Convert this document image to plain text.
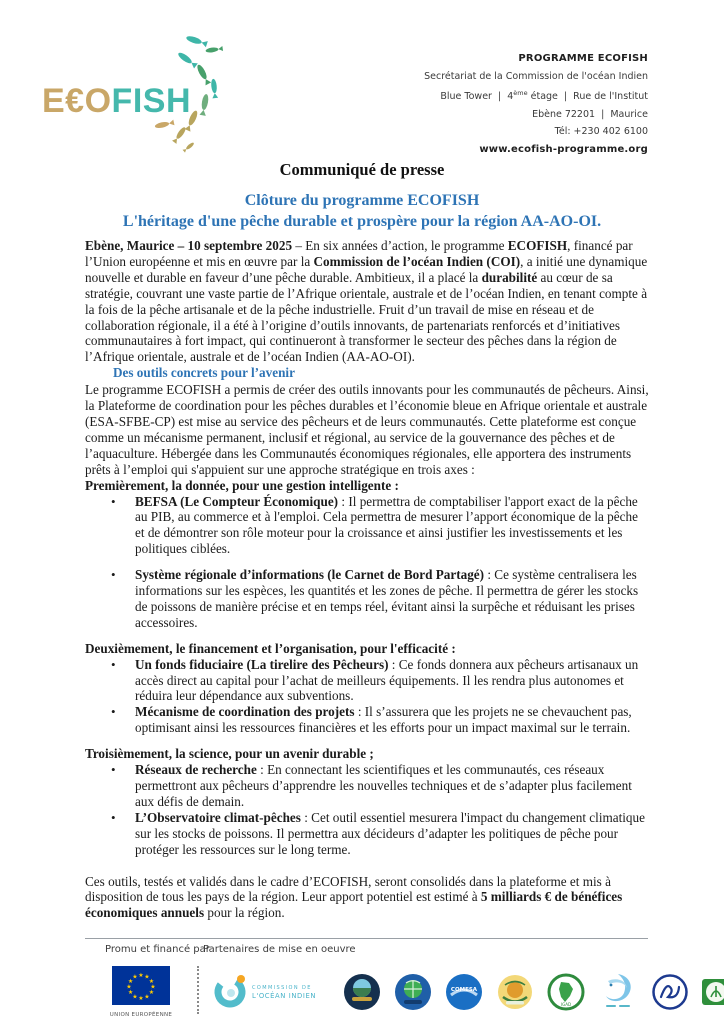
E€OFISH
PROGRAMME ECOFISH
Secrétariat de la Commission de l'océan Indien
Blue Tower  |  4ème étage  |  Rue de l'Institut
Ebène 72201  |  Maurice
Tél: +230 402 6100
www.ecofish-programme.org

Communiqué de presse

Clôture du programme ECOFISH

L'héritage d'une pêche durable et prospère pour la région AA-AO-OI.

Ebène, Maurice – 10 septembre 2025 – En six années d’action, le programme ECOFISH, financé par l’Union européenne et mis en œuvre par la Commission de l’océan Indien (COI), a initié une dynamique nouvelle et durable en faveur d’une pêche durable. Ambitieux, il a placé la durabilité au cœur de sa stratégie, couvrant une vaste partie de l’Afrique orientale, australe et de l’océan Indien, en tenant compte à la fois de la pêche artisanale et de la pêche industrielle. Fruit d’un travail de mise en réseau et de collaboration régionale, il a été à l’origine d’outils innovants, de partenariats renforcés et d’initiatives communautaires à fort impact, qui continueront à transformer le secteur des pêches dans la région de l’Afrique orientale, australe et de l’océan Indien (AA-AO-OI).

Des outils concrets pour l’avenir

Le programme ECOFISH a permis de créer des outils innovants pour les communautés de pêcheurs. Ainsi, la Plateforme de coordination pour les pêches durables et l’économie bleue en Afrique orientale et australe (ESA-SFBE-CP) est mise au service des pêcheurs et de leurs communautés. Cette plateforme est conçue comme un mécanisme permanent, inclusif et régional, au service de la gouvernance des pêches et de l’aquaculture. Hébergée dans les Communautés économiques régionales, elle apportera des instruments prêts à l’emploi qui s'appuient sur une approche stratégique en trois axes :

Premièrement, la donnée, pour une gestion intelligente :

• BEFSA (Le Compteur Économique) : Il permettra de comptabiliser l'apport exact de la pêche au PIB, au commerce et à l'emploi. Cela permettra de mesurer l’apport économique de la pêche et de démontrer son rôle moteur pour la croissance et ainsi justifier les investissements et les politiques ciblées.
• Système régionale d’informations (le Carnet de Bord Partagé) : Ce système centralisera les informations sur les espèces, les quantités et les zones de pêche. Il permettra de gérer les stocks de poissons de manière précise et en temps réel, évitant ainsi la surpêche et réduisant les prises accessoires.

Deuxièmement, le financement et l’organisation, pour l'efficacité :

• Un fonds fiduciaire (La tirelire des Pêcheurs) : Ce fonds donnera aux pêcheurs artisanaux un accès direct au capital pour l’achat de meilleurs équipements. Il les rendra plus autonomes et réduira leur dépendance aux subventions.
• Mécanisme de coordination des projets : Il s’assurera que les projets ne se chevauchent pas, optimisant ainsi les ressources financières et les efforts pour un impact maximal sur le terrain.

Troisièmement, la science, pour un avenir durable ;

• Réseaux de recherche : En connectant les scientifiques et les communautés, ces réseaux permettront aux pêcheurs d’apprendre les nouvelles techniques et de s’adapter plus facilement aux défis de demain.
• L’Observatoire climat-pêches : Cet outil essentiel mesurera l'impact du changement climatique sur les stocks de poissons. Il permettra aux décideurs d’adapter les politiques de pêche pour protéger les ressources sur le long terme.

Ces outils, testés et validés dans le cadre d’ECOFISH, seront consolidés dans la plateforme et mis à disposition de tous les pays de la région. Leur apport potentiel est estimé à 5 milliards € de bénéfices économiques annuels pour la région.

Promu et financé par
Partenaires de mise en oeuvre
★ ★
★
★
★
★
★
★
★
★
★
★
UNION EUROPÉENNE
COMMISSION DE
L'OCÉAN INDIEN
COMESA
IGAD
